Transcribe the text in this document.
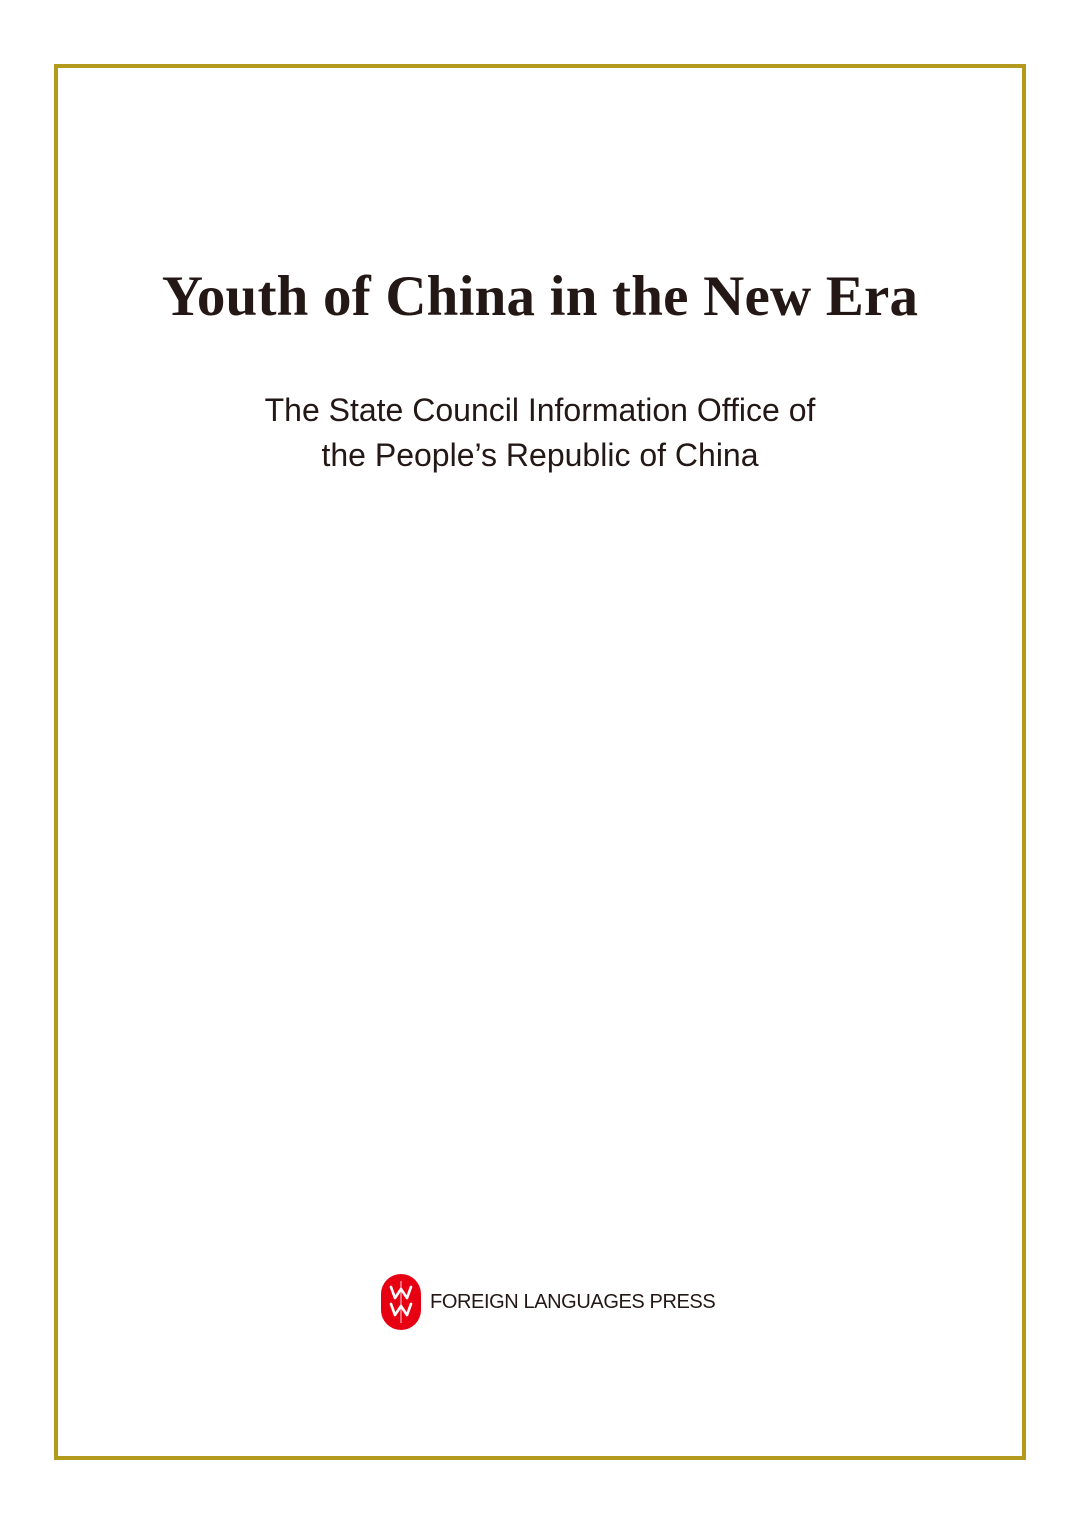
Youth of China in the New Era
The State Council Information Office of
the People’s Republic of China
FOREIGN LANGUAGES PRESS
